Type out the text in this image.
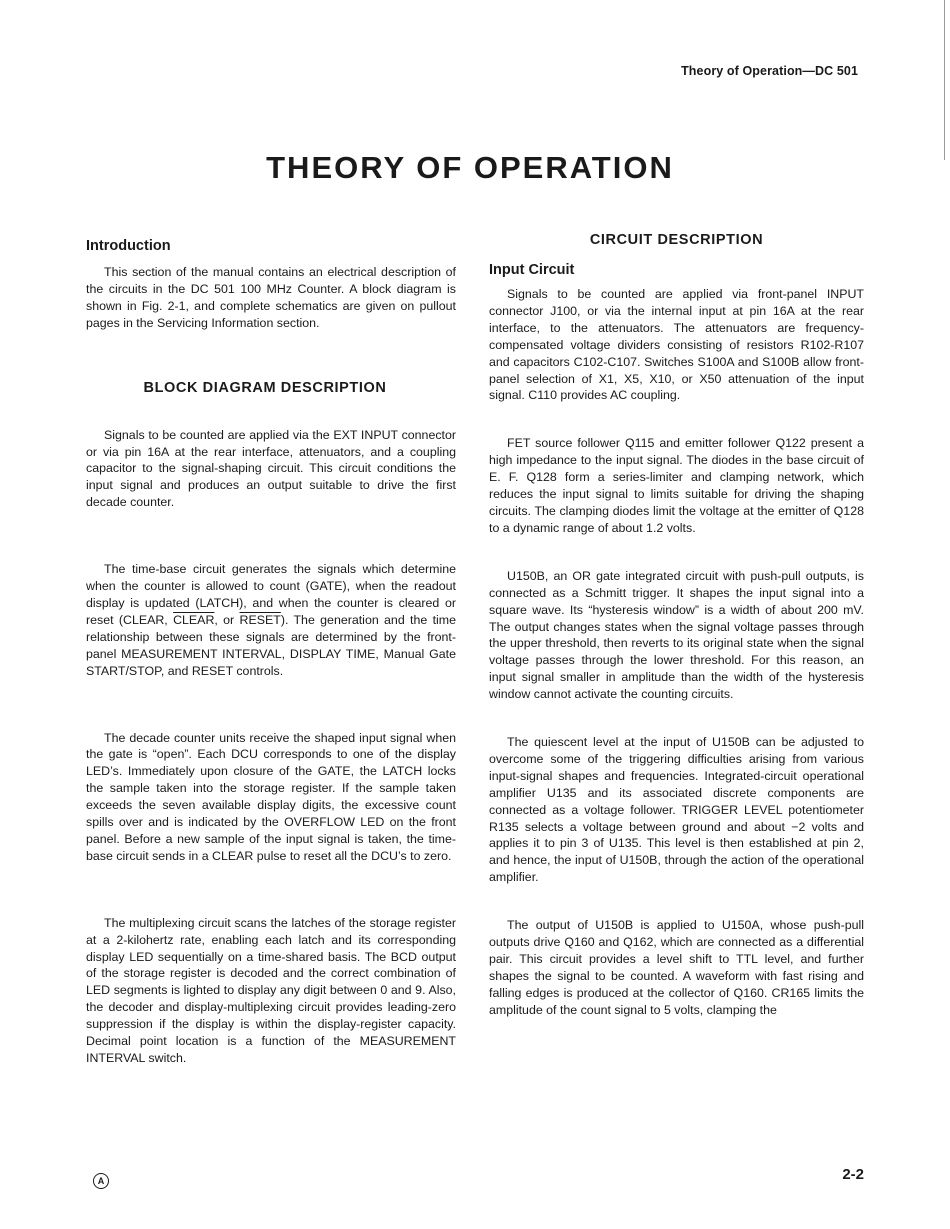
Theory of Operation—DC 501
THEORY OF OPERATION
Introduction

This section of the manual contains an electrical description of the circuits in the DC 501 100 MHz Counter. A block diagram is shown in Fig. 2-1, and complete schematics are given on pullout pages in the Servicing Information section.

BLOCK DIAGRAM DESCRIPTION

Signals to be counted are applied via the EXT INPUT connector or via pin 16A at the rear interface, attenuators, and a coupling capacitor to the signal-shaping circuit. This circuit conditions the input signal and produces an output suitable to drive the first decade counter.

The time-base circuit generates the signals which determine when the counter is allowed to count (GATE), when the readout display is updated (LATCH), and when the counter is cleared or reset (CLEAR, CLEAR, or RESET). The generation and the time relationship between these signals are determined by the front-panel MEASUREMENT INTERVAL, DISPLAY TIME, Manual Gate START/STOP, and RESET controls.

The decade counter units receive the shaped input signal when the gate is “open”. Each DCU corresponds to one of the display LED’s. Immediately upon closure of the GATE, the LATCH locks the sample taken into the storage register. If the sample taken exceeds the seven available display digits, the excessive count spills over and is indicated by the OVERFLOW LED on the front panel. Before a new sample of the input signal is taken, the time-base circuit sends in a CLEAR pulse to reset all the DCU’s to zero.

The multiplexing circuit scans the latches of the storage register at a 2-kilohertz rate, enabling each latch and its corresponding display LED sequentially on a time-shared basis. The BCD output of the storage register is decoded and the correct combination of LED segments is lighted to display any digit between 0 and 9. Also, the decoder and display-multiplexing circuit provides leading-zero suppression if the display is within the display-register capacity. Decimal point location is a function of the MEASUREMENT INTERVAL switch.

CIRCUIT DESCRIPTION
Input Circuit

Signals to be counted are applied via front-panel INPUT connector J100, or via the internal input at pin 16A at the rear interface, to the attenuators. The attenuators are frequency-compensated voltage dividers consisting of resistors R102-R107 and capacitors C102-C107. Switches S100A and S100B allow front-panel selection of X1, X5, X10, or X50 attenuation of the input signal. C110 provides AC coupling.

FET source follower Q115 and emitter follower Q122 present a high impedance to the input signal. The diodes in the base circuit of E. F. Q128 form a series-limiter and clamping network, which reduces the input signal to limits suitable for driving the shaping circuits. The clamping diodes limit the voltage at the emitter of Q128 to a dynamic range of about 1.2 volts.

U150B, an OR gate integrated circuit with push-pull outputs, is connected as a Schmitt trigger. It shapes the input signal into a square wave. Its “hysteresis window” is a width of about 200 mV. The output changes states when the signal voltage passes through the upper threshold, then reverts to its original state when the signal voltage passes through the lower threshold. For this reason, an input signal smaller in amplitude than the width of the hysteresis window cannot activate the counting circuits.

The quiescent level at the input of U150B can be adjusted to overcome some of the triggering difficulties arising from various input-signal shapes and frequencies. Integrated-circuit operational amplifier U135 and its associated discrete components are connected as a voltage follower. TRIGGER LEVEL potentiometer R135 selects a voltage between ground and about −2 volts and applies it to pin 3 of U135. This level is then established at pin 2, and hence, the input of U150B, through the action of the operational amplifier.

The output of U150B is applied to U150A, whose push-pull outputs drive Q160 and Q162, which are connected as a differential pair. This circuit provides a level shift to TTL level, and further shapes the signal to be counted. A waveform with fast rising and falling edges is produced at the collector of Q160. CR165 limits the amplitude of the count signal to 5 volts, clamping the

A	2-2
